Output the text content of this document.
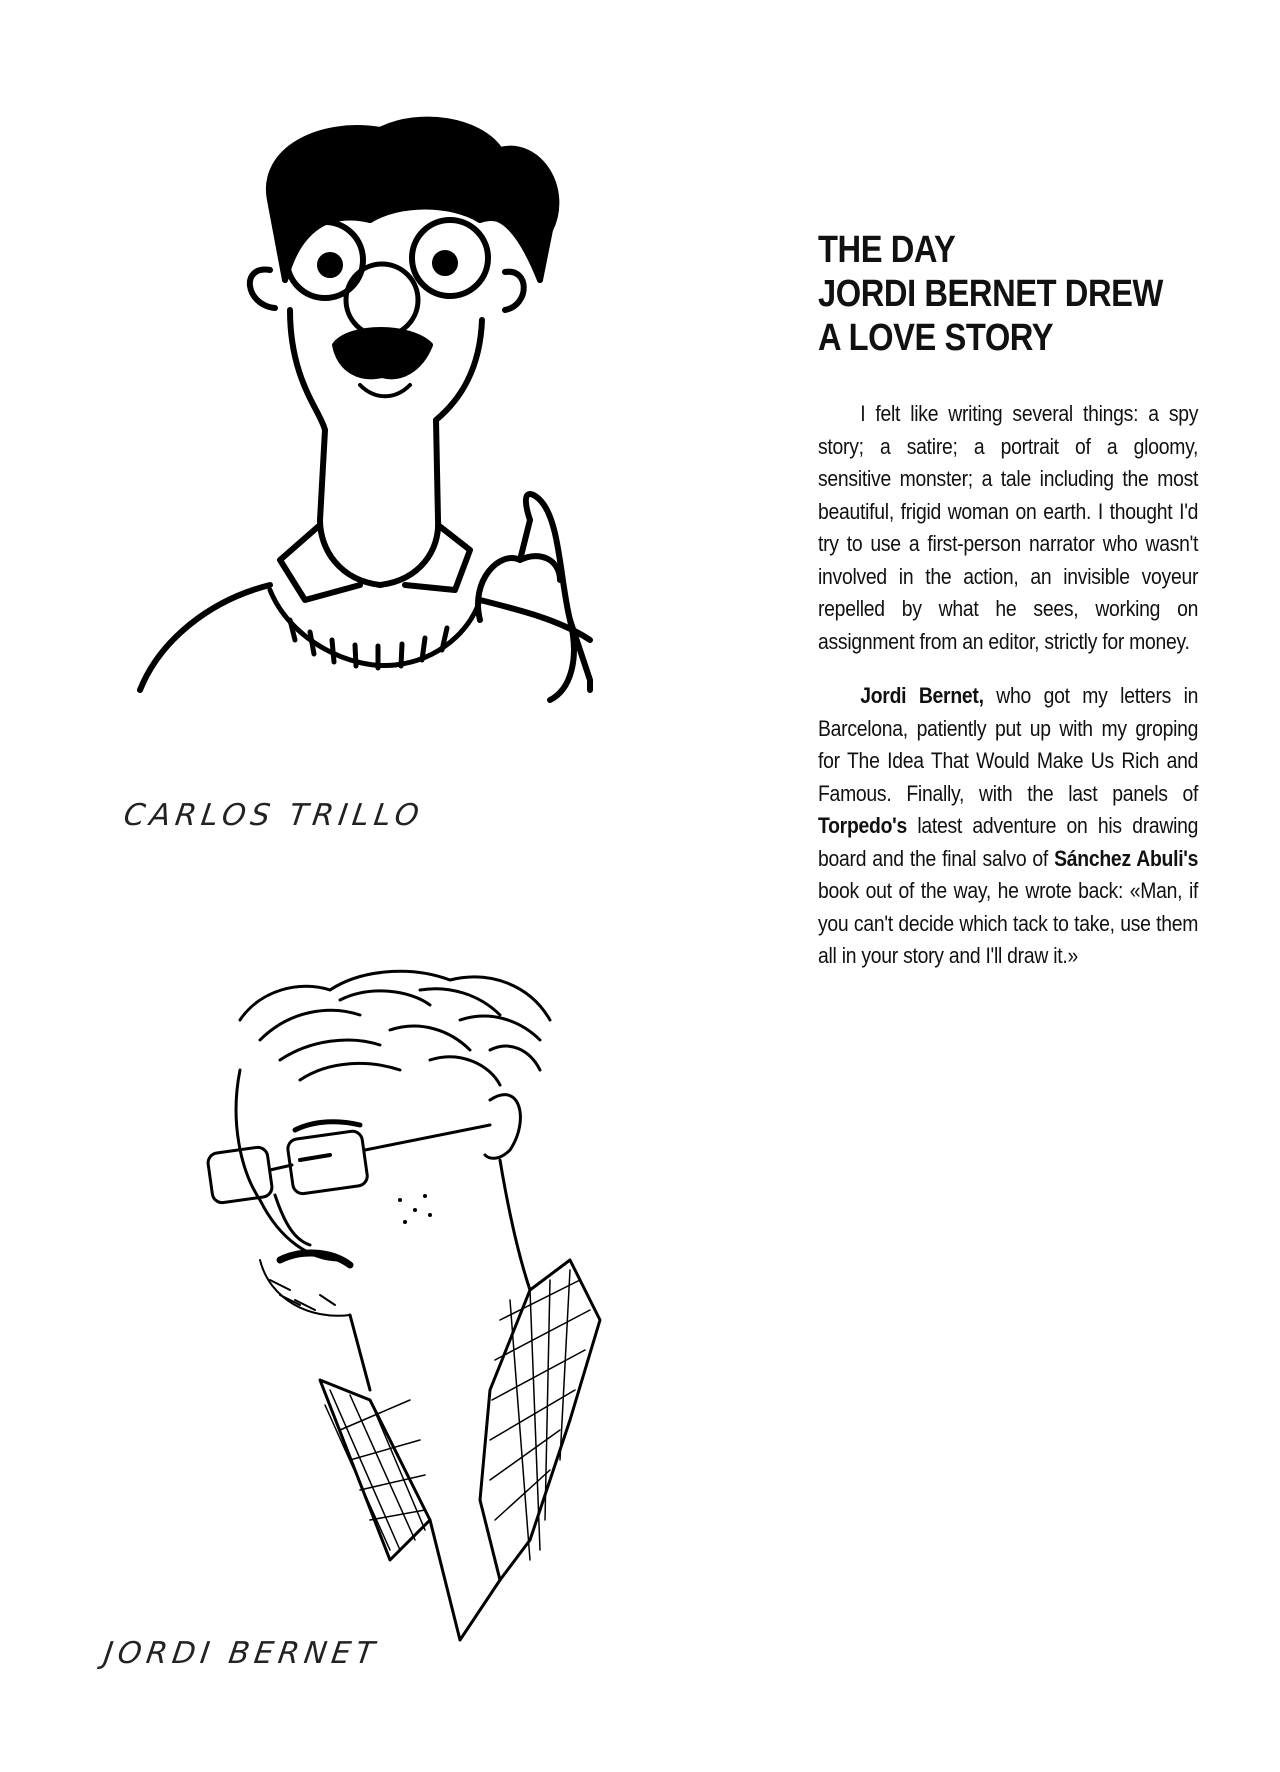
CARLOS TRILLO
JORDI BERNET
THE DAY
JORDI BERNET DREW
A LOVE STORY

I felt like writing several things: a spy story; a satire; a portrait of a gloomy, sensitive monster; a tale including the most beautiful, frigid woman on earth. I thought I'd try to use a first-person narrator who wasn't involved in the action, an invisible voyeur repelled by what he sees, working on assignment from an editor, strictly for money.

Jordi Bernet, who got my letters in Barcelona, patiently put up with my groping for The Idea That Would Make Us Rich and Famous. Finally, with the last panels of Torpedo's latest adventure on his drawing board and the final salvo of Sánchez Abuli's book out of the way, he wrote back: «Man, if you can't decide which tack to take, use them all in your story and I'll draw it.»
